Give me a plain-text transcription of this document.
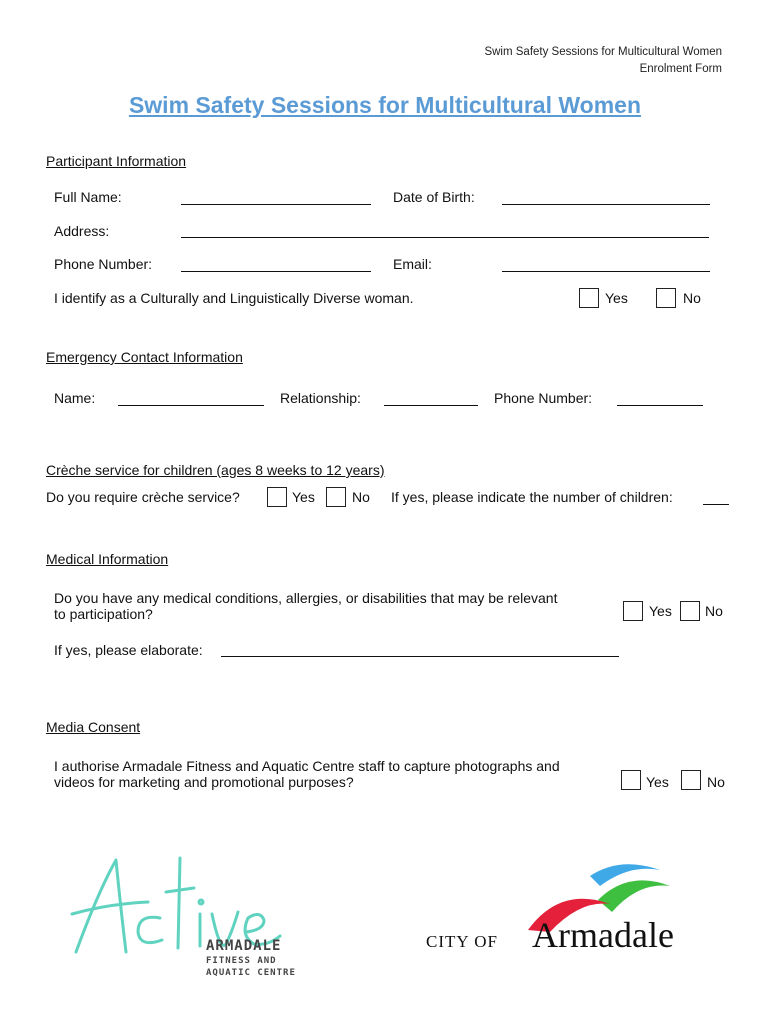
Swim Safety Sessions for Multicultural Women
Enrolment Form
Swim Safety Sessions for Multicultural Women
Participant Information
Full Name:	Date of Birth:
Address:
Phone Number:	Email:
I identify as a Culturally and Linguistically Diverse woman.	Yes	No
Emergency Contact Information
Name:	Relationship:	Phone Number:
Crèche service for children (ages 8 weeks to 12 years)
Do you require crèche service?	Yes	No If yes, please indicate the number of children:
Medical Information
Do you have any medical conditions, allergies, or disabilities that may be relevant
to participation?	Yes No
If yes, please elaborate:
Media Consent
I authorise Armadale Fitness and Aquatic Centre staff to capture photographs and
videos for marketing and promotional purposes?	Yes	No
ARMADALE
FITNESS AND
AQUATIC CENTRE
CITY OF Armadale
